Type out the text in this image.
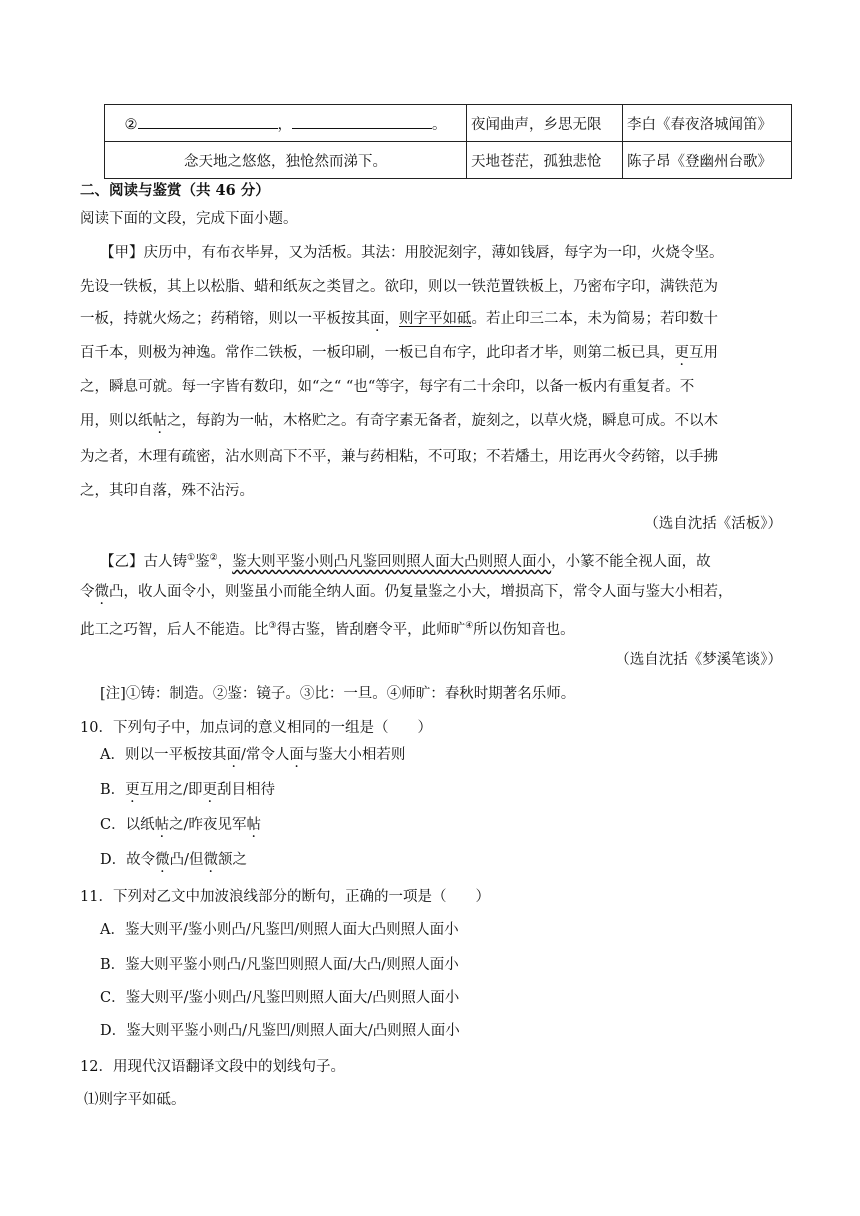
② ， 。	夜闻曲声，乡思无限	李白《春夜洛城闻笛》
念天地之悠悠，独怆然而涕下。	天地苍茫，孤独悲怆	陈子昂《登幽州台歌》
二、阅读与鉴赏（共 46 分）
阅读下面的文段，完成下面小题。
【甲】庆历中，有布衣毕昇，又为活板。其法：用胶泥刻字，薄如钱唇，每字为一印，火烧令坚。
先设一铁板，其上以松脂、蜡和纸灰之类冒之。欲印，则以一铁范置铁板上，乃密布字印，满铁范为
一板，持就火炀之；药稍镕，则以一平板按其面，则字平如砥。若止印三二本，未为简易；若印数十
百千本，则极为神逸。常作二铁板，一板印刷，一板已自布字，此印者才毕，则第二板已具，更互用
之，瞬息可就。每一字皆有数印，如“之“ “也“等字，每字有二十余印，以备一板内有重复者。不
用，则以纸帖之，每韵为一帖，木格贮之。有奇字素无备者，旋刻之，以草火烧，瞬息可成。不以木
为之者，木理有疏密，沾水则高下不平，兼与药相粘，不可取；不若燔土，用讫再火令药镕，以手拂
之，其印自落，殊不沾污。
（选自沈括《活板》）
【乙】古人铸①鉴②，鉴大则平鉴小则凸凡鉴回则照人面大凸则照人面小，小篆不能全视人面，故
令微凸，收人面令小，则鉴虽小而能全纳人面。仍复量鉴之小大，增损高下，常令人面与鉴大小相若，
此工之巧智，后人不能造。比③得古鉴，皆刮磨令平，此师旷④所以伤知音也。
（选自沈括《梦溪笔谈》）
[注]①铸：制造。②鉴：镜子。③比：一旦。④师旷：春秋时期著名乐师。
10．下列句子中，加点词的意义相同的一组是（　　）
A．则以一平板按其面/常令人面与鉴大小相若则
B．更互用之/即更刮目相待
C．以纸帖之/昨夜见军帖
D．故令微凸/但微颔之
11．下列对乙文中加波浪线部分的断句，正确的一项是（　　）
A．鉴大则平/鉴小则凸/凡鉴凹/则照人面大凸则照人面小
B．鉴大则平鉴小则凸/凡鉴凹则照人面/大凸/则照人面小
C．鉴大则平/鉴小则凸/凡鉴凹则照人面大/凸则照人面小
D．鉴大则平鉴小则凸/凡鉴凹/则照人面大/凸则照人面小
12．用现代汉语翻译文段中的划线句子。
⑴则字平如砥。
